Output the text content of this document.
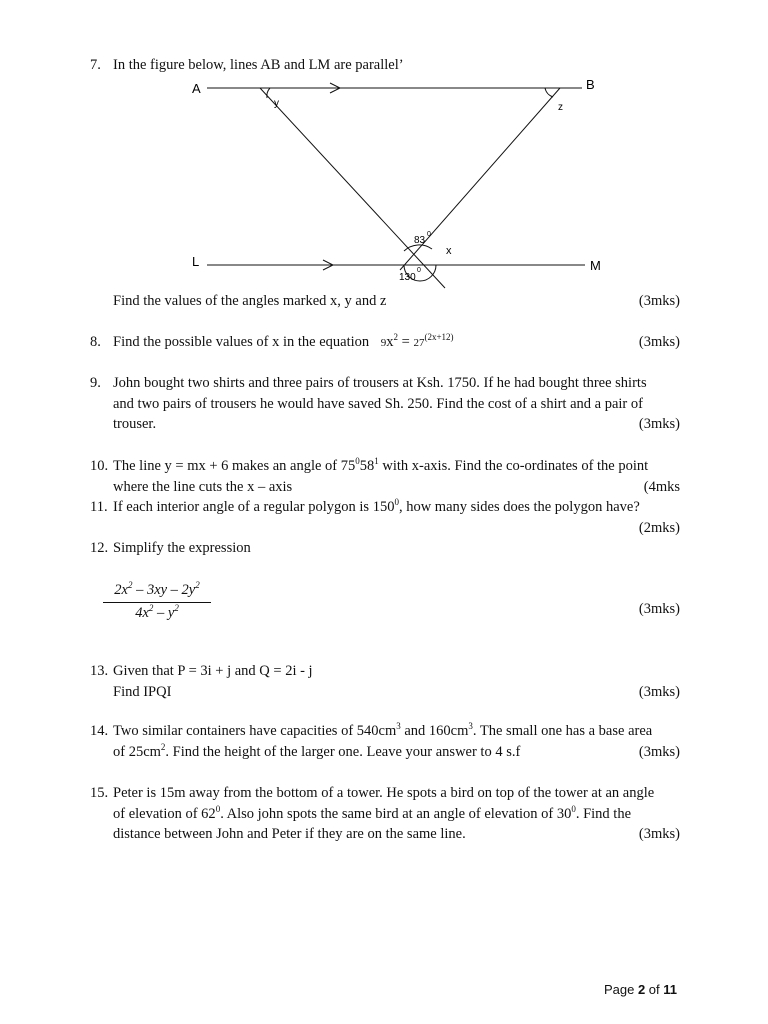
7. In the figure below, lines AB and LM are parallel’
A	B
L	M
y	z
x
83
0
130
0
Find the values of the angles marked x, y and z	(3mks)
8. Find the possible values of x in the equation $9x^2 = 27^{(2x+12)}$	(3mks)
9. John bought two shirts and three pairs of trousers at Ksh. 1750. If he had bought three shirts
and two pairs of trousers he would have saved Sh. 250. Find the cost of a shirt and a pair of
trouser.	(3mks)
10. The line y = mx + 6 makes an angle of $75^058^1$ with x-axis. Find the co-ordinates of the point
where the line cuts the x – axis	(4mks
11. If each interior angle of a regular polygon is $150^0$, how many sides does the polygon have?
(2mks)
12. Simplify the expression
$\frac{2x^2 - 3xy - 2y^2}{4x^2 - y^2}$	(3mks)
13. Given that P = 3i + j and Q = 2i - j
Find IPQI	(3mks)
14. Two similar containers have capacities of $540cm^3$ and $160cm^3$. The small one has a base area
of $25cm^2$. Find the height of the larger one. Leave your answer to 4 s.f	(3mks)
15. Peter is 15m away from the bottom of a tower. He spots a bird on top of the tower at an angle
of elevation of $62^0$. Also john spots the same bird at an angle of elevation of $30^0$. Find the
distance between John and Peter if they are on the same line.	(3mks)
Page 2 of 11
